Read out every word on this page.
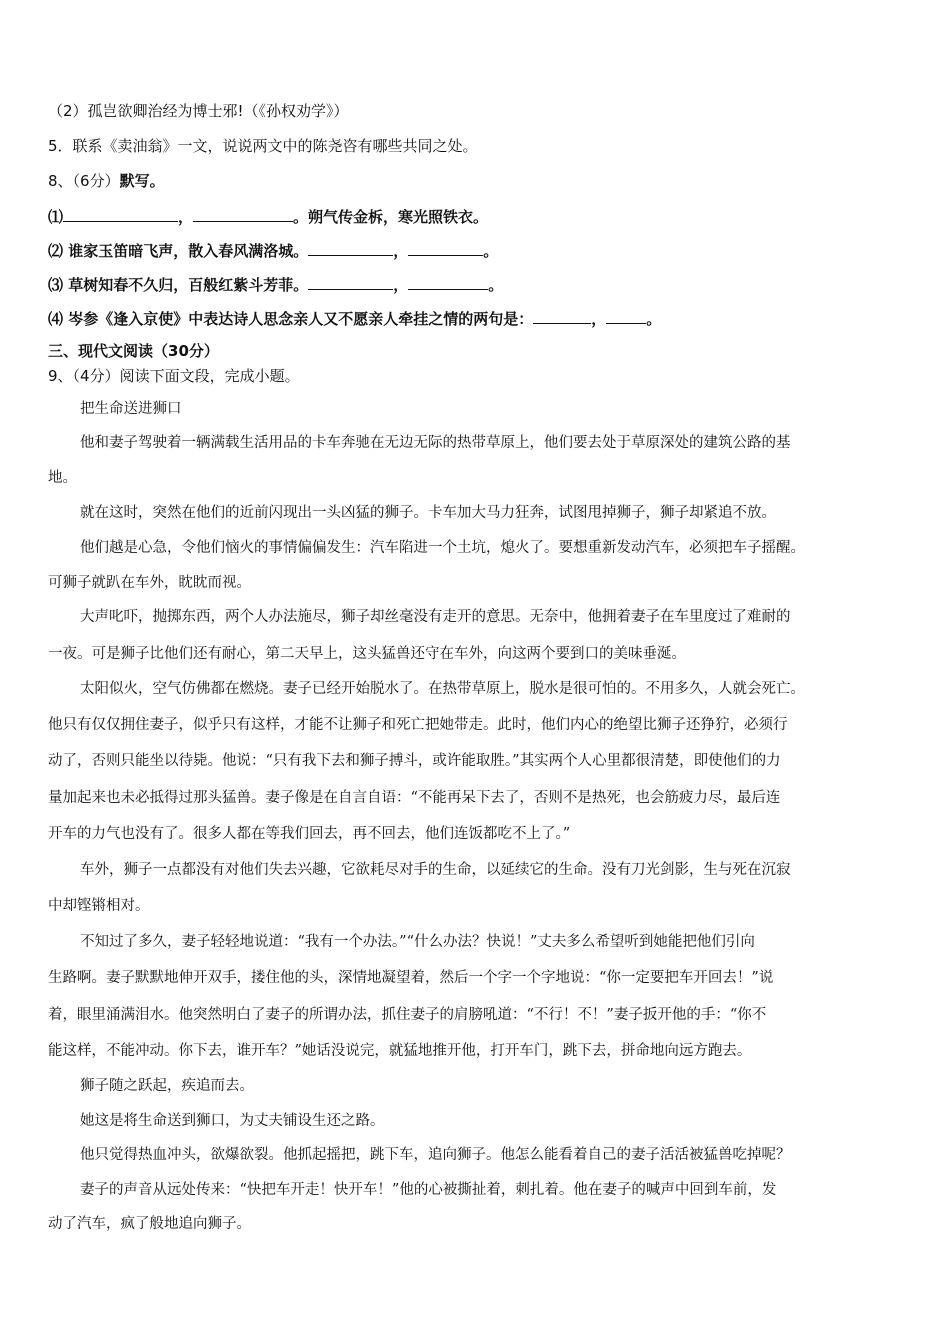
（2）孤岂欲卿治经为博士邪!（《孙权劝学》）

5．联系《卖油翁》一文，说说两文中的陈尧咨有哪些共同之处。

8、（6分）默写。

⑴	，	。朔气传金柝，寒光照铁衣。

⑵ 谁家玉笛暗飞声，散入春风满洛城。	，	。

⑶ 草树知春不久归，百般红紫斗芳菲。	，	。

⑷ 岑参《逢入京使》中表达诗人思念亲人又不愿亲人牵挂之情的两句是：	，	。

三、现代文阅读（30分）

9、（4分）阅读下面文段，完成小题。

把生命送进狮口

他和妻子驾驶着一辆满载生活用品的卡车奔驰在无边无际的热带草原上，他们要去处于草原深处的建筑公路的基

地。

就在这时，突然在他们的近前闪现出一头凶猛的狮子。卡车加大马力狂奔，试图甩掉狮子，狮子却紧追不放。

他们越是心急，令他们恼火的事情偏偏发生：汽车陷进一个土坑，熄火了。要想重新发动汽车，必须把车子摇醒。

可狮子就趴在车外，眈眈而视。

大声叱吓，抛掷东西，两个人办法施尽，狮子却丝毫没有走开的意思。无奈中，他拥着妻子在车里度过了难耐的

一夜。可是狮子比他们还有耐心，第二天早上，这头猛兽还守在车外，向这两个要到口的美味垂涎。

太阳似火，空气仿佛都在燃烧。妻子已经开始脱水了。在热带草原上，脱水是很可怕的。不用多久，人就会死亡。

他只有仅仅拥住妻子，似乎只有这样，才能不让狮子和死亡把她带走。此时，他们内心的绝望比狮子还狰狞，必须行

动了，否则只能坐以待毙。他说：“只有我下去和狮子搏斗，或许能取胜。”其实两个人心里都很清楚，即使他们的力

量加起来也未必抵得过那头猛兽。妻子像是在自言自语：“不能再呆下去了，否则不是热死，也会筋疲力尽，最后连

开车的力气也没有了。很多人都在等我们回去，再不回去，他们连饭都吃不上了。”

车外，狮子一点都没有对他们失去兴趣，它欲耗尽对手的生命，以延续它的生命。没有刀光剑影，生与死在沉寂

中却铿锵相对。

不知过了多久，妻子轻轻地说道：“我有一个办法。”“什么办法？快说！”丈夫多么希望听到她能把他们引向

生路啊。妻子默默地伸开双手，搂住他的头，深情地凝望着，然后一个字一个字地说：“你一定要把车开回去！”说

着，眼里涌满泪水。他突然明白了妻子的所谓办法，抓住妻子的肩膀吼道：“不行！不！”妻子扳开他的手：“你不

能这样，不能冲动。你下去，谁开车？”她话没说完，就猛地推开他，打开车门，跳下去，拼命地向远方跑去。

狮子随之跃起，疾追而去。

她这是将生命送到狮口，为丈夫铺设生还之路。

他只觉得热血冲头，欲爆欲裂。他抓起摇把，跳下车，追向狮子。他怎么能看着自己的妻子活活被猛兽吃掉呢？

妻子的声音从远处传来：“快把车开走！快开车！”他的心被撕扯着，刺扎着。他在妻子的喊声中回到车前，发

动了汽车，疯了般地追向狮子。
